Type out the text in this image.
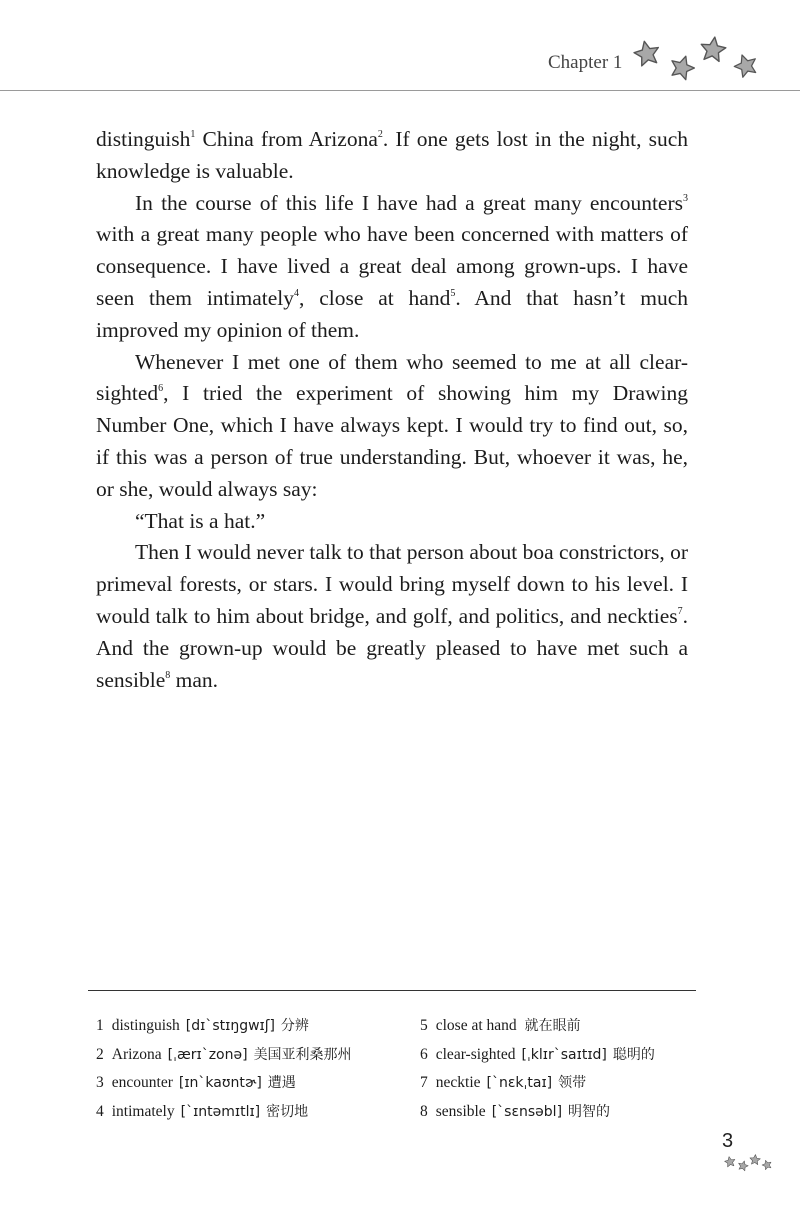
Chapter 1

distinguish$^1$ China from Arizona$^2$. If one gets lost in the night, such knowledge is valuable.

In the course of this life I have had a great many encounters$^3$ with a great many people who have been concerned with matters of consequence. I have lived a great deal among grown-ups. I have seen them intimately$^4$, close at hand$^5$. And that hasn’t much improved my opinion of them.

Whenever I met one of them who seemed to me at all clear-sighted$^6$, I tried the experiment of showing him my Drawing Number One, which I have always kept. I would try to find out, so, if this was a person of true understanding. But, whoever it was, he, or she, would always say:

“That is a hat.”

Then I would never talk to that person about boa constrictors, or primeval forests, or stars. I would bring myself down to his level. I would talk to him about bridge, and golf, and politics, and neckties$^7$. And the grown-up would be greatly pleased to have met such a sensible$^8$ man.

1 distinguish [dɪˋstɪŋgwɪʃ] 分辨
2 Arizona [ˌærɪˋzonə] 美国亚利桑那州
3 encounter [ɪnˋkaʊntɚ] 遭遇
4 intimately [ˋɪntəmɪtlɪ] 密切地
5 close at hand 就在眼前
6 clear-sighted [ˌklɪrˋsaɪtɪd] 聪明的
7 necktie [ˋnɛkˌtaɪ] 领带
8 sensible [ˋsɛnsəbl] 明智的
3
